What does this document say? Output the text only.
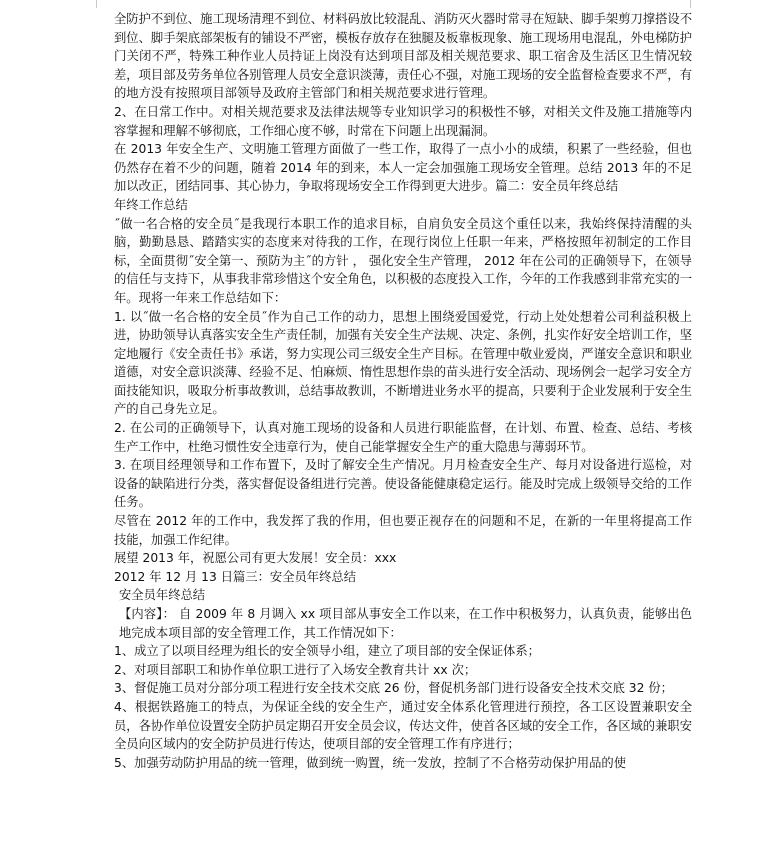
全防护不到位、施工现场清理不到位、材料码放比较混乱、消防灭火器时常寻在短缺、脚手架剪刀撑搭设不到位、脚手架底部架板有的铺设不严密，模板存放存在独腿及板靠板现象、施工现场用电混乱，外电梯防护门关闭不严，特殊工种作业人员持证上岗没有达到项目部及相关规范要求、职工宿舍及生活区卫生情况较差，项目部及劳务单位各别管理人员安全意识淡薄，责任心不强，对施工现场的安全监督检查要求不严，有的地方没有按照项目部领导及政府主管部门和相关规范要求进行管理。

2、在日常工作中。对相关规范要求及法律法规等专业知识学习的积极性不够，对相关文件及施工措施等内容掌握和理解不够彻底，工作细心度不够，时常在下问题上出现漏洞。

在 2013 年安全生产、文明施工管理方面做了一些工作，取得了一点小小的成绩，积累了一些经验，但也仍然存在着不少的问题，随着 2014 年的到来，本人一定会加强施工现场安全管理。总结 2013 年的不足加以改正，团结同事、其心协力，争取将现场安全工作得到更大进步。篇二：安全员年终总结

年终工作总结

˝做一名合格的安全员˝是我现行本职工作的追求目标，自肩负安全员这个重任以来，我始终保持清醒的头脑，勤勤恳恳、踏踏实实的态度来对待我的工作，在现行岗位上任职一年来，严格按照年初制定的工作目标，全面贯彻˝安全第一、预防为主˝的方针 ， 强化安全生产管理， 2012 年在公司的正确领导下，在领导的信任与支持下，从事我非常珍惜这个安全角色，以积极的态度投入工作，今年的工作我感到非常充实的一年。现将一年来工作总结如下：

1. 以˝做一名合格的安全员˝作为自己工作的动力，思想上围绕爱国爱党，行动上处处想着公司利益积极上进，协助领导认真落实安全生产责任制，加强有关安全生产法规、决定、条例，扎实作好安全培训工作，坚定地履行《安全责任书》承诺，努力实现公司三级安全生产目标。在管理中敬业爱岗，严谨安全意识和职业道德，对安全意识淡薄、经验不足、怕麻烦、惰性思想作祟的苗头进行安全活动、现场例会一起学习安全方面技能知识，吸取分析事故教训，总结事故教训，不断增进业务水平的提高，只要利于企业发展利于安全生产的自己身先立足。

2. 在公司的正确领导下，认真对施工现场的设备和人员进行职能监督，在计划、布置、检查、总结、考核生产工作中，杜绝习惯性安全违章行为，使自己能掌握安全生产的重大隐患与薄弱环节。

3. 在项目经理领导和工作布置下，及时了解安全生产情况。月月检查安全生产、每月对设备进行巡检，对设备的缺陷进行分类，落实督促设备组进行完善。使设备能健康稳定运行。能及时完成上级领导交给的工作任务。

尽管在 2012 年的工作中，我发挥了我的作用，但也要正视存在的问题和不足，在新的一年里将提高工作技能，加强工作纪律。

展望 2013 年，祝愿公司有更大发展！安全员：xxx

2012 年 12 月 13 日篇三：安全员年终总结

安全员年终总结

【内容】： 自 2009 年 8 月调入 xx 项目部从事安全工作以来，在工作中积极努力，认真负责，能够出色地完成本项目部的安全管理工作，其工作情况如下：

1、成立了以项目经理为组长的安全领导小组，建立了项目部的安全保证体系；

2、对项目部职工和协作单位职工进行了入场安全教育共计 xx 次；

3、督促施工员对分部分项工程进行安全技术交底 26 份，督促机务部门进行设备安全技术交底 32 份；

4、根据铁路施工的特点，为保证全线的安全生产，通过安全体系化管理进行预控，各工区设置兼职安全员，各协作单位设置安全防护员定期召开安全员会议，传达文件，使首各区域的安全工作，各区域的兼职安全员向区域内的安全防护员进行传达，使项目部的安全管理工作有序进行；

5、加强劳动防护用品的统一管理，做到统一购置，统一发放，控制了不合格劳动保护用品的使
